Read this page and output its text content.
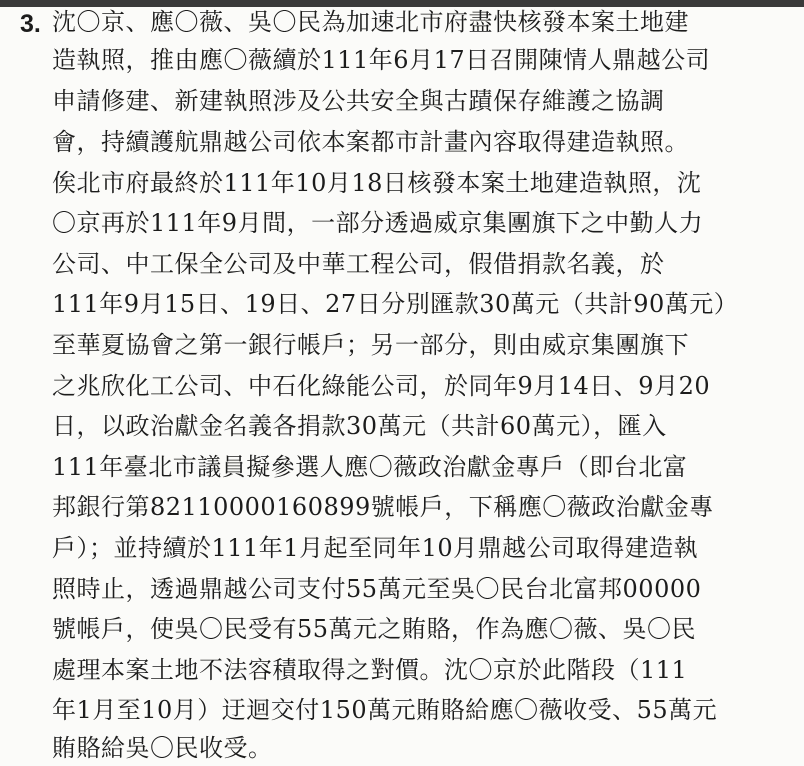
3. 沈〇京、應〇薇、吳〇民為加速北市府盡快核發本案土地建
造執照，推由應〇薇續於111年6月17日召開陳情人鼎越公司
申請修建、新建執照涉及公共安全與古蹟保存維護之協調
會，持續護航鼎越公司依本案都市計畫內容取得建造執照。
俟北市府最終於111年10月18日核發本案土地建造執照，沈
〇京再於111年9月間，一部分透過威京集團旗下之中勤人力
公司、中工保全公司及中華工程公司，假借捐款名義，於
111年9月15日、19日、27日分別匯款30萬元（共計90萬元）
至華夏協會之第一銀行帳戶；另一部分，則由威京集團旗下
之兆欣化工公司、中石化綠能公司，於同年9月14日、9月20
日，以政治獻金名義各捐款30萬元（共計60萬元），匯入
111年臺北市議員擬參選人應〇薇政治獻金專戶（即台北富
邦銀行第82110000160899號帳戶，下稱應〇薇政治獻金專
戶）；並持續於111年1月起至同年10月鼎越公司取得建造執
照時止，透過鼎越公司支付55萬元至吳〇民台北富邦00000
號帳戶，使吳〇民受有55萬元之賄賂，作為應〇薇、吳〇民
處理本案土地不法容積取得之對價。沈〇京於此階段（111
年1月至10月）迂迴交付150萬元賄賂給應〇薇收受、55萬元
賄賂給吳〇民收受。
